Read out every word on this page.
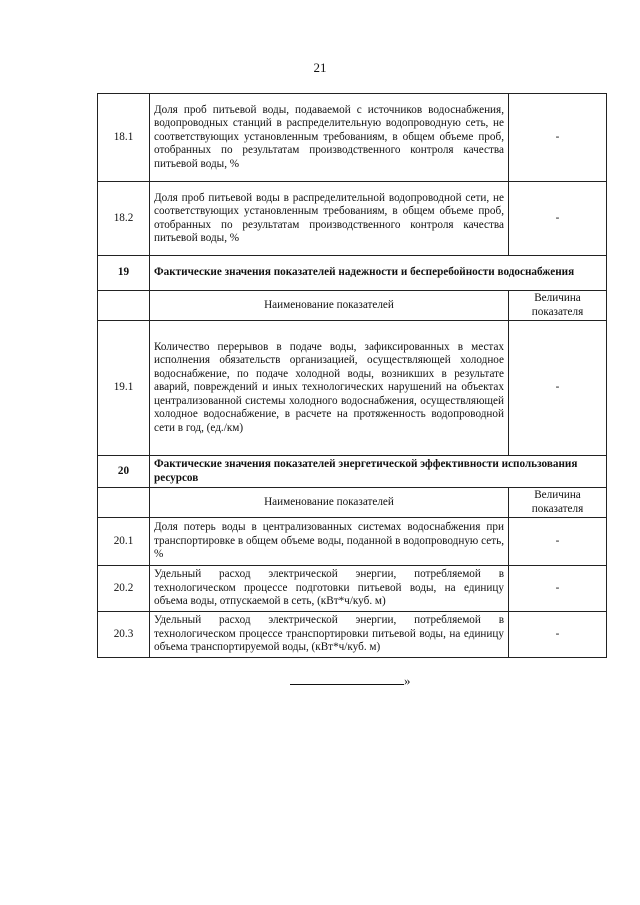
21
18.1	Доля проб питьевой воды, подаваемой с источников водоснабжения, водопроводных станций в распределительную водопроводную сеть, не соответствующих установленным требованиям, в общем объеме проб, отобранных по результатам производственного контроля качества питьевой воды, %	-
18.2	Доля проб питьевой воды в распределительной водопроводной сети, не соответствующих установленным требованиям, в общем объеме проб, отобранных по результатам производственного контроля качества питьевой воды, %	-
19	Фактические значения показателей надежности и бесперебойности водоснабжения	
	Наименование показателей	Величина показателя
19.1	Количество перерывов в подаче воды, зафиксированных в местах исполнения обязательств организацией, осуществляющей холодное водоснабжение, по подаче холодной воды, возникших в результате аварий, повреждений и иных технологических нарушений на объектах централизованной системы холодного водоснабжения, осуществляющей холодное водоснабжение, в расчете на протяженность водопроводной сети в год, (ед./км)	-
20	Фактические значения показателей энергетической эффективности использования ресурсов	
	Наименование показателей	Величина показателя
20.1	Доля потерь воды в централизованных системах водоснабжения при транспортировке в общем объеме воды, поданной в водопроводную сеть, %	-
20.2	Удельный расход электрической энергии, потребляемой в технологическом процессе подготовки питьевой воды, на единицу объема воды, отпускаемой в сеть, (кВт*ч/куб. м)	-
20.3	Удельный расход электрической энергии, потребляемой в технологическом процессе транспортировки питьевой воды, на единицу объема транспортируемой воды, (кВт*ч/куб. м)	-
»
